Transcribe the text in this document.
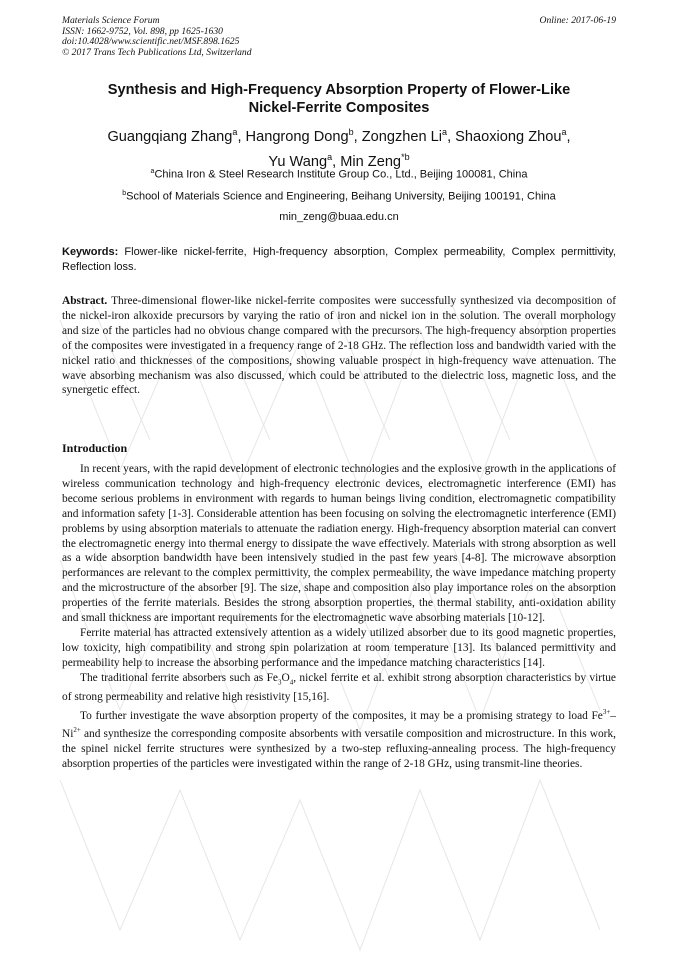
Materials Science Forum
ISSN: 1662-9752, Vol. 898, pp 1625-1630
doi:10.4028/www.scientific.net/MSF.898.1625
© 2017 Trans Tech Publications Ltd, Switzerland
Online: 2017-06-19
Synthesis and High-Frequency Absorption Property of Flower-Like
Nickel-Ferrite Composites
Guangqiang Zhang$^a$, Hangrong Dong$^b$, Zongzhen Li$^a$, Shaoxiong Zhou$^a$,
Yu Wang$^a$, Min Zeng$^{*b}$
$^a$China Iron & Steel Research Institute Group Co., Ltd., Beijing 100081, China
$^b$School of Materials Science and Engineering, Beihang University, Beijing 100191, China
min_zeng@buaa.edu.cn
Keywords: Flower-like nickel-ferrite, High-frequency absorption, Complex permeability, Complex permittivity, Reflection loss.
Abstract. Three-dimensional flower-like nickel-ferrite composites were successfully synthesized via decomposition of the nickel-iron alkoxide precursors by varying the ratio of iron and nickel ion in the solution. The overall morphology and size of the particles had no obvious change compared with the precursors. The high-frequency absorption properties of the composites were investigated in a frequency range of 2-18 GHz. The reflection loss and bandwidth varied with the nickel ratio and thicknesses of the compositions, showing valuable prospect in high-frequency wave attenuation. The wave absorbing mechanism was also discussed, which could be attributed to the dielectric loss, magnetic loss, and the synergetic effect.
Introduction

In recent years, with the rapid development of electronic technologies and the explosive growth in the applications of wireless communication technology and high-frequency electronic devices, electromagnetic interference (EMI) has become serious problems in environment with regards to human beings living condition, electromagnetic compatibility and information safety [1-3]. Considerable attention has been focusing on solving the electromagnetic interference (EMI) problems by using absorption materials to attenuate the radiation energy. High-frequency absorption material can convert the electromagnetic energy into thermal energy to dissipate the wave effectively. Materials with strong absorption as well as a wide absorption bandwidth have been intensively studied in the past few years [4-8]. The microwave absorption performances are relevant to the complex permittivity, the complex permeability, the wave impedance matching property and the microstructure of the absorber [9]. The size, shape and composition also play importance roles on the absorption properties of the ferrite materials. Besides the strong absorption properties, the thermal stability, anti-oxidation ability and small thickness are important requirements for the electromagnetic wave absorbing materials [10-12].

Ferrite material has attracted extensively attention as a widely utilized absorber due to its good magnetic properties, low toxicity, high compatibility and strong spin polarization at room temperature [13]. Its balanced permittivity and permeability help to increase the absorbing performance and the impedance matching characteristics [14].

The traditional ferrite absorbers such as $Fe_3O_4$, nickel ferrite et al. exhibit strong absorption characteristics by virtue of strong permeability and relative high resistivity [15,16].

To further investigate the wave absorption property of the composites, it may be a promising strategy to load $Fe^{3+}-Ni^{2+}$ and synthesize the corresponding composite absorbents with versatile composition and microstructure. In this work, the spinel nickel ferrite structures were synthesized by a two-step refluxing-annealing process. The high-frequency absorption properties of the particles were investigated within the range of 2-18 GHz, using transmit-line theories.
